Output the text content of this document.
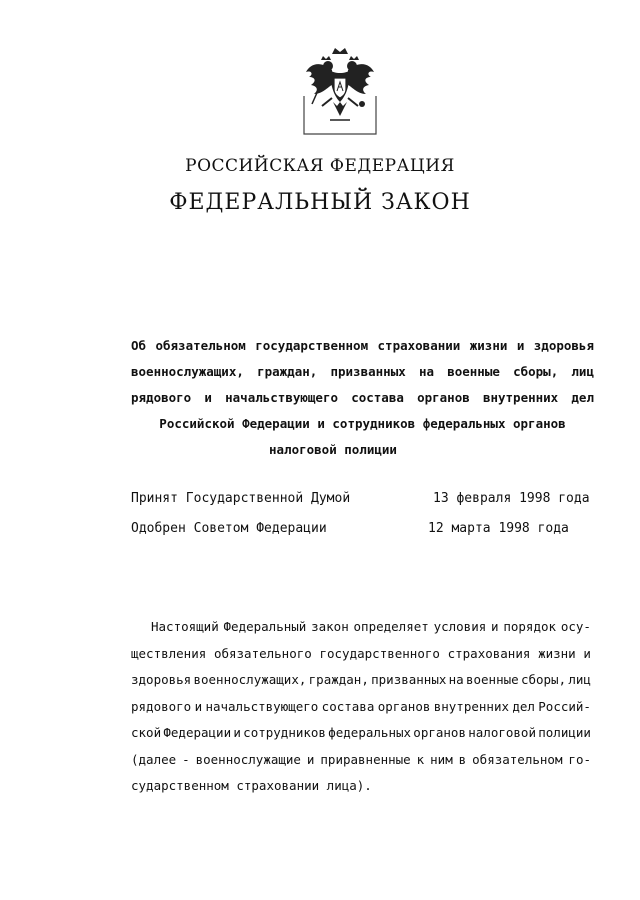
РОССИЙСКАЯ ФЕДЕРАЦИЯ
ФЕДЕРАЛЬНЫЙ ЗАКОН
Об обязательном государственном страховании жизни и здоровья
военнослужащих, граждан, призванных на военные сборы, лиц
рядового и начальствующего состава органов внутренних дел
Российской Федерации и сотрудников федеральных органов
налоговой полиции
Принят Государственной Думой	13 февраля 1998 года
Одобрен Советом Федерации	12 марта 1998 года
Настоящий Федеральный закон определяет условия и порядок осу-
ществления обязательного государственного страхования жизни и
здоровья военнослужащих, граждан, призванных на военные сборы, лиц
рядового и начальствующего состава органов внутренних дел Россий-
ской Федерации и сотрудников федеральных органов налоговой полиции
(далее - военнослужащие и приравненные к ним в обязательном го-
сударственном страховании лица).
